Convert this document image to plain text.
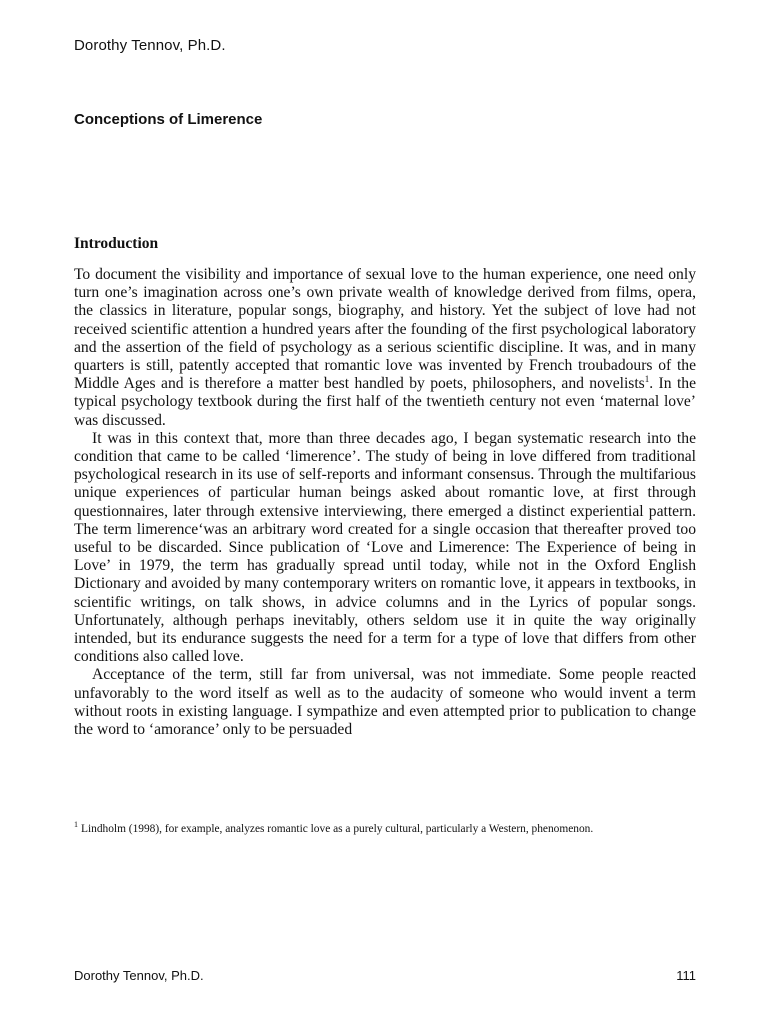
Dorothy Tennov, Ph.D.
Conceptions of Limerence
Introduction

To document the visibility and importance of sexual love to the human experience, one need only turn one’s imagination across one’s own private wealth of knowledge derived from films, opera, the classics in literature, popular songs, biography, and history. Yet the subject of love had not received scientific attention a hundred years after the founding of the first psychological laboratory and the assertion of the field of psychology as a serious scientific discipline. It was, and in many quarters is still, patently accepted that romantic love was invented by French troubadours of the Middle Ages and is therefore a matter best handled by poets, philosophers, and novelists$^1$. In the typical psychology textbook during the first half of the twentieth century not even ‘maternal love’ was discussed.

It was in this context that, more than three decades ago, I began systematic research into the condition that came to be called ‘limerence’. The study of being in love differed from traditional psychological research in its use of self-reports and informant consensus. Through the multifarious unique experiences of particular human beings asked about romantic love, at first through questionnaires, later through extensive interviewing, there emerged a distinct experiential pattern. The term limerence‘was an arbitrary word created for a single occasion that thereafter proved too useful to be discarded. Since publication of ‘Love and Limerence: The Experience of being in Love’ in 1979, the term has gradually spread until today, while not in the Oxford English Dictionary and avoided by many contemporary writers on romantic love, it appears in textbooks, in scientific writings, on talk shows, in advice columns and in the Lyrics of popular songs. Unfortunately, although perhaps inevitably, others seldom use it in quite the way originally intended, but its endurance suggests the need for a term for a type of love that differs from other conditions also called love.

Acceptance of the term, still far from universal, was not immediate. Some people reacted unfavorably to the word itself as well as to the audacity of someone who would invent a term without roots in existing language. I sympathize and even attempted prior to publication to change the word to ‘amorance’ only to be persuaded

$^1$ Lindholm (1998), for example, analyzes romantic love as a purely cultural, particularly a Western, phenomenon.
Dorothy Tennov, Ph.D.	111
